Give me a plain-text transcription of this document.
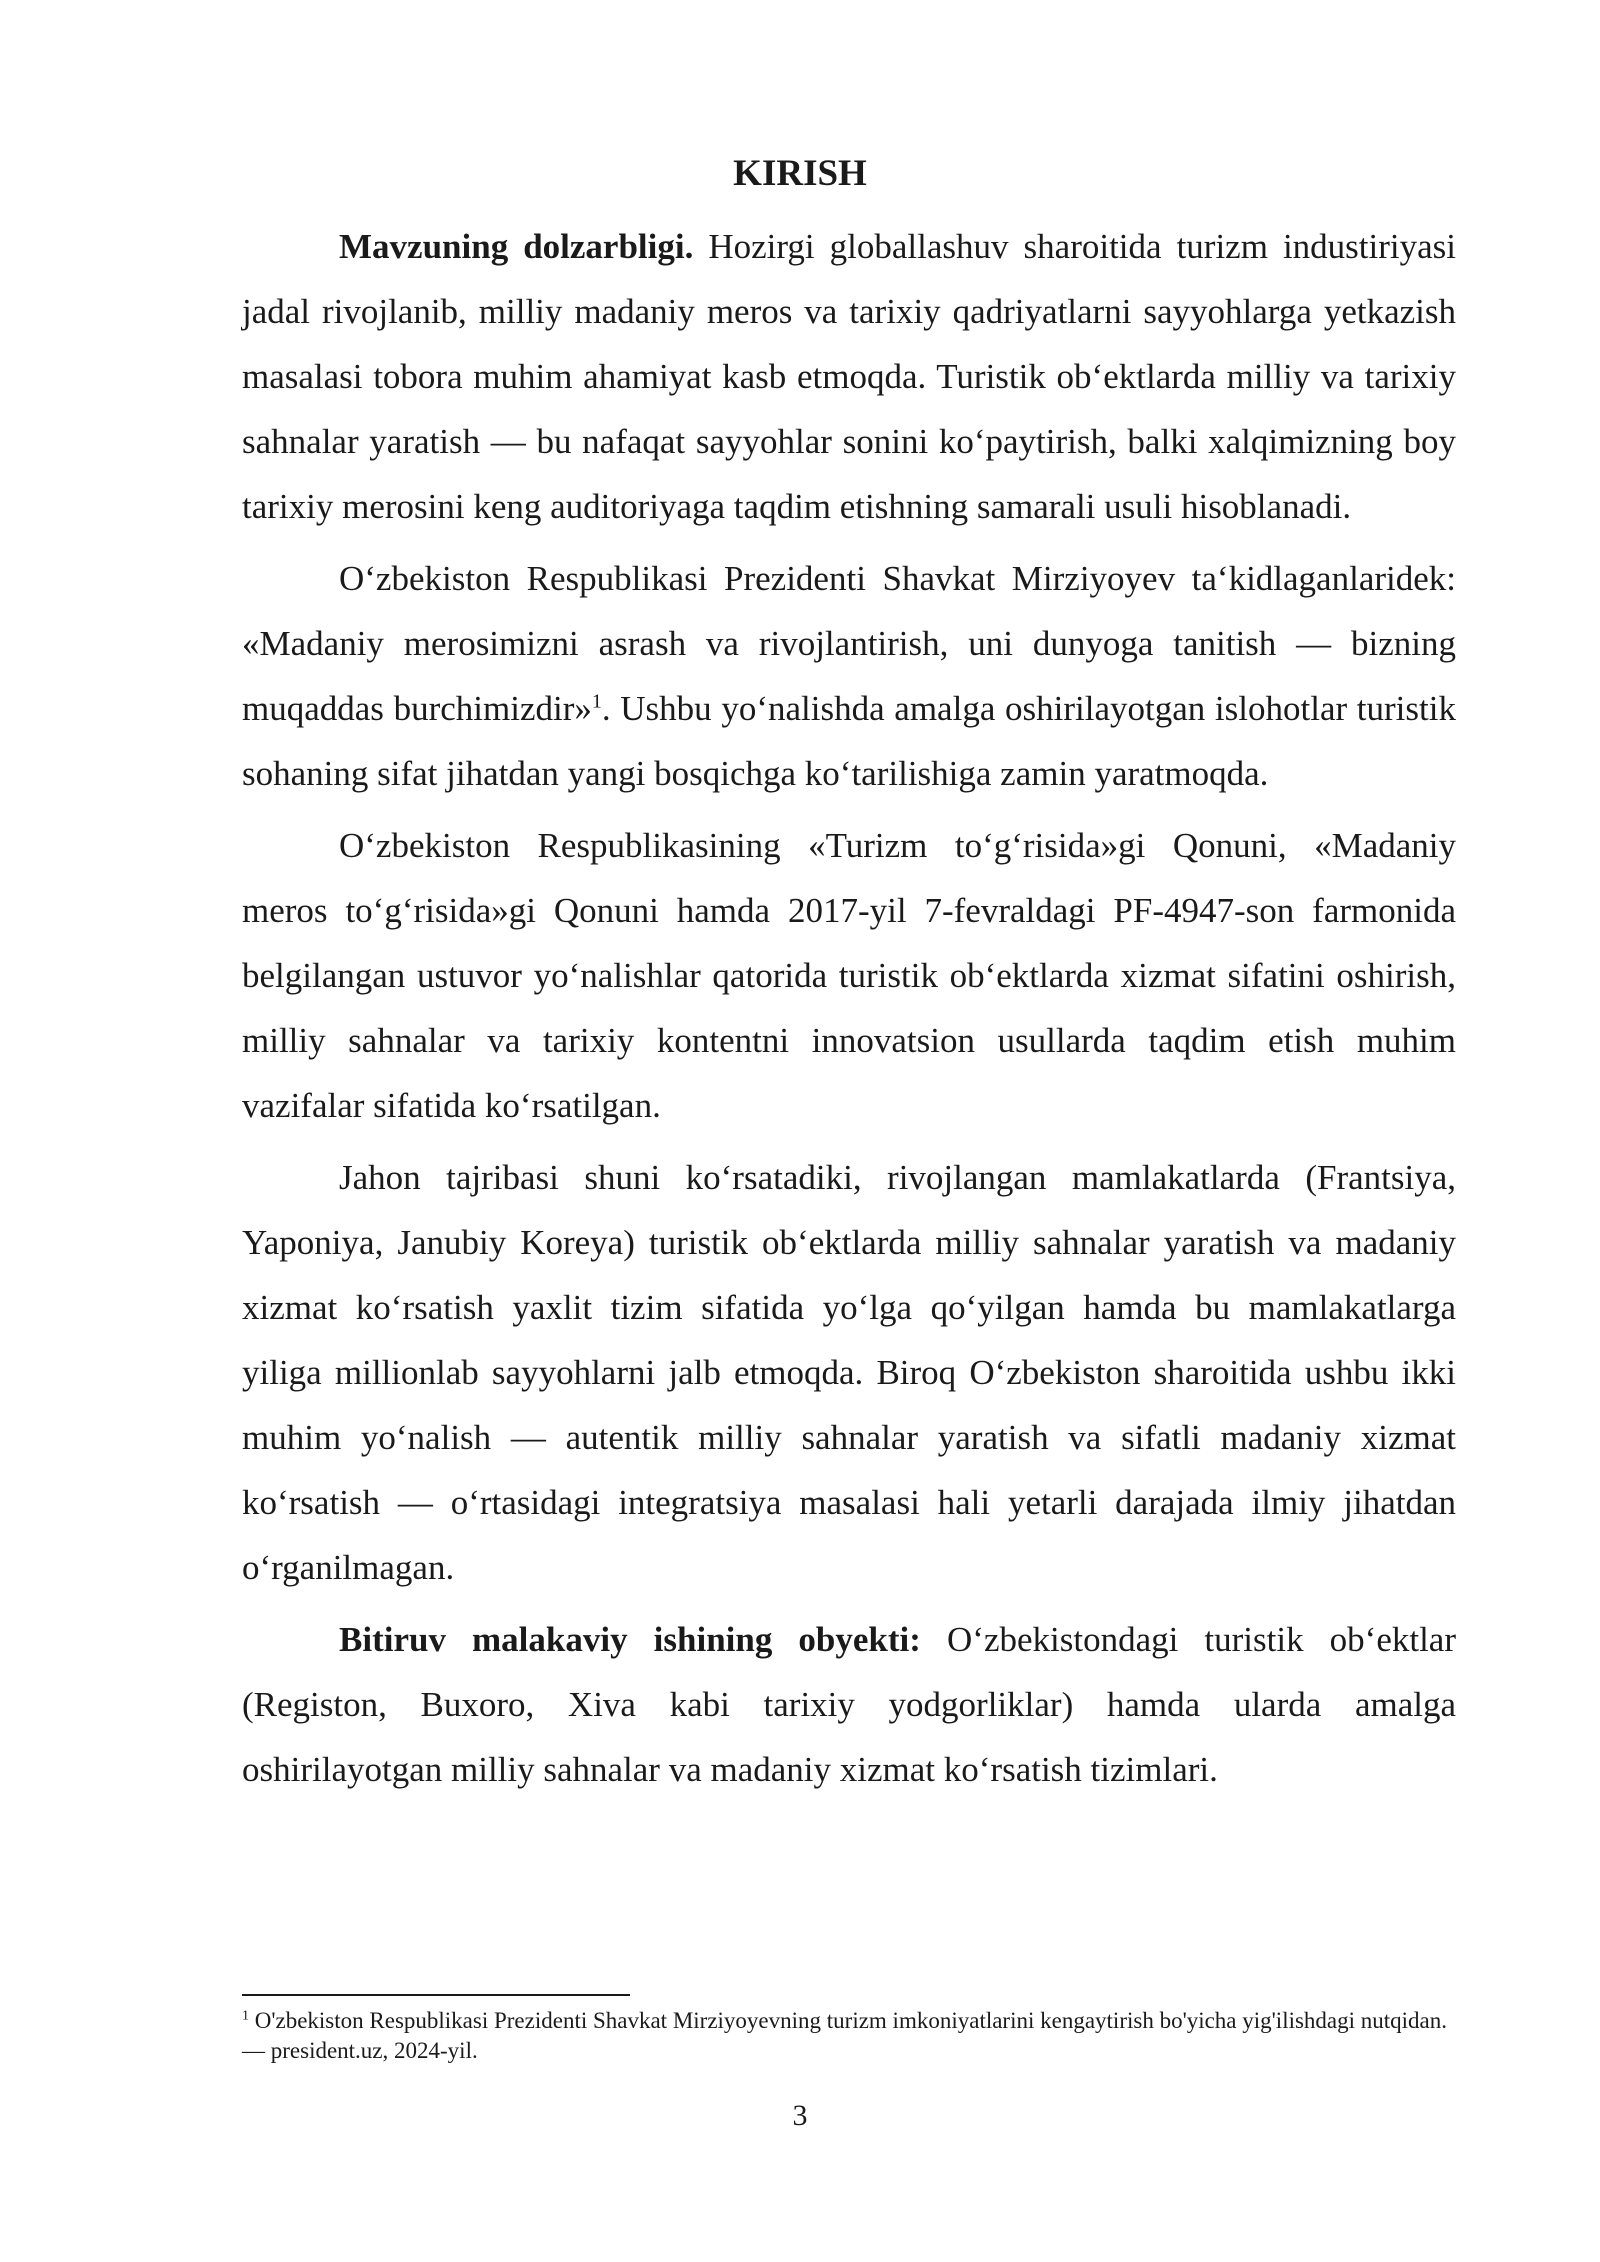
KIRISH

Mavzuning dolzarbligi. Hozirgi globallashuv sharoitida turizm industiriyasi jadal rivojlanib, milliy madaniy meros va tarixiy qadriyatlarni sayyohlarga yetkazish masalasi tobora muhim ahamiyat kasb etmoqda. Turistik ob‘ektlarda milliy va tarixiy sahnalar yaratish — bu nafaqat sayyohlar sonini ko‘paytirish, balki xalqimizning boy tarixiy merosini keng auditoriyaga taqdim etishning samarali usuli hisoblanadi.

O‘zbekiston Respublikasi Prezidenti Shavkat Mirziyoyev ta‘kidlaganlaridek: «Madaniy merosimizni asrash va rivojlantirish, uni dunyoga tanitish — bizning muqaddas burchimizdir»$^1$. Ushbu yo‘nalishda amalga oshirilayotgan islohotlar turistik sohaning sifat jihatdan yangi bosqichga ko‘tarilishiga zamin yaratmoqda.

O‘zbekiston Respublikasining «Turizm to‘g‘risida»gi Qonuni, «Madaniy meros to‘g‘risida»gi Qonuni hamda 2017-yil 7-fevraldagi PF-4947-son farmonida belgilangan ustuvor yo‘nalishlar qatorida turistik ob‘ektlarda xizmat sifatini oshirish, milliy sahnalar va tarixiy kontentni innovatsion usullarda taqdim etish muhim vazifalar sifatida ko‘rsatilgan.

Jahon tajribasi shuni ko‘rsatadiki, rivojlangan mamlakatlarda (Frantsiya, Yaponiya, Janubiy Koreya) turistik ob‘ektlarda milliy sahnalar yaratish va madaniy xizmat ko‘rsatish yaxlit tizim sifatida yo‘lga qo‘yilgan hamda bu mamlakatlarga yiliga millionlab sayyohlarni jalb etmoqda. Biroq O‘zbekiston sharoitida ushbu ikki muhim yo‘nalish — autentik milliy sahnalar yaratish va sifatli madaniy xizmat ko‘rsatish — o‘rtasidagi integratsiya masalasi hali yetarli darajada ilmiy jihatdan o‘rganilmagan.

Bitiruv malakaviy ishining obyekti: O‘zbekistondagi turistik ob‘ektlar (Registon, Buxoro, Xiva kabi tarixiy yodgorliklar) hamda ularda amalga oshirilayotgan milliy sahnalar va madaniy xizmat ko‘rsatish tizimlari.

$^1$ O'zbekiston Respublikasi Prezidenti Shavkat Mirziyoyevning turizm imkoniyatlarini kengaytirish bo'yicha yig'ilishdagi nutqidan. — president.uz, 2024-yil.

3
